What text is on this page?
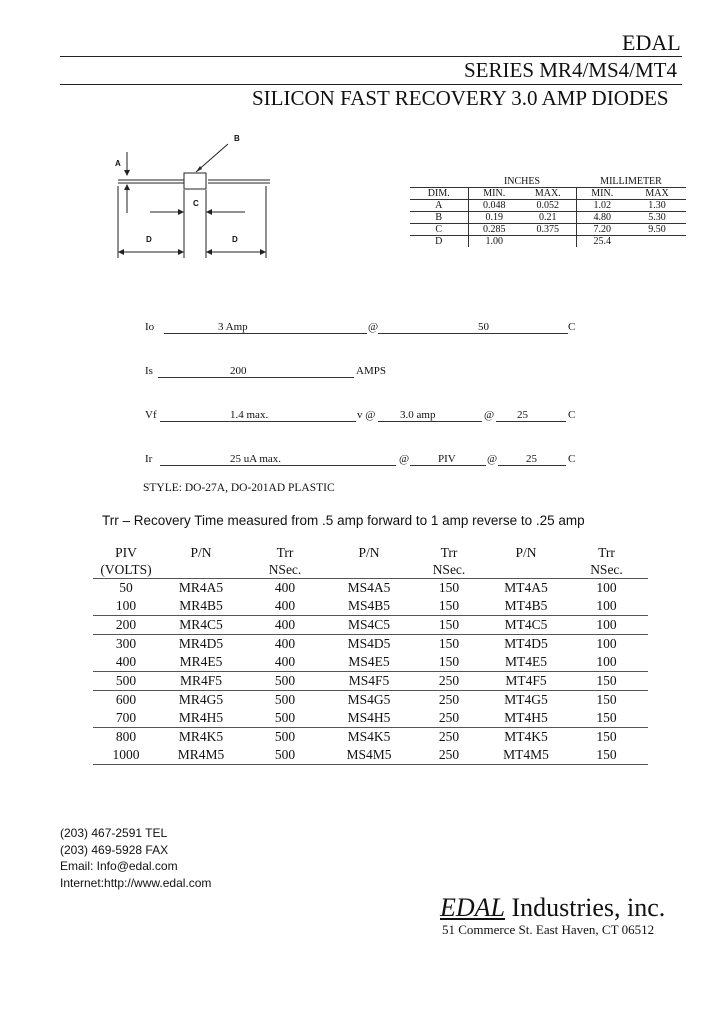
EDAL
SERIES MR4/MS4/MT4
SILICON FAST RECOVERY 3.0 AMP DIODES
B
A
C
D	D
	INCHES		MILLIMETER	
DIM.	MIN.	MAX.	MIN.	MAX
A	0.048	0.052	1.02	1.30
B	0.19	0.21	4.80	5.30
C	0.285	0.375	7.20	9.50
D	1.00		25.4	
Io	3 Amp	@	50	C
Is	200	AMPS
Vf	1.4 max.	v @ 3.0 amp	@ 25	C
Ir	25 uA max.	@	PIV	@	25	C
STYLE: DO-27A, DO-201AD PLASTIC
Trr – Recovery Time measured from .5 amp forward to 1 amp reverse to .25 amp
PIV	P/N	Trr	P/N	Trr	P/N	Trr
(VOLTS)		NSec.		NSec.		NSec.
50	MR4A5	400	MS4A5	150	MT4A5	100
100	MR4B5	400	MS4B5	150	MT4B5	100
200	MR4C5	400	MS4C5	150	MT4C5	100
300	MR4D5	400	MS4D5	150	MT4D5	100
400	MR4E5	400	MS4E5	150	MT4E5	100
500	MR4F5	500	MS4F5	250	MT4F5	150
600	MR4G5	500	MS4G5	250	MT4G5	150
700	MR4H5	500	MS4H5	250	MT4H5	150
800	MR4K5	500	MS4K5	250	MT4K5	150
1000	MR4M5	500	MS4M5	250	MT4M5	150
(203) 467-2591 TEL
(203) 469-5928 FAX
Email: Info@edal.com
Internet:http://www.edal.com
EDAL Industries, inc.
51 Commerce St. East Haven, CT 06512
